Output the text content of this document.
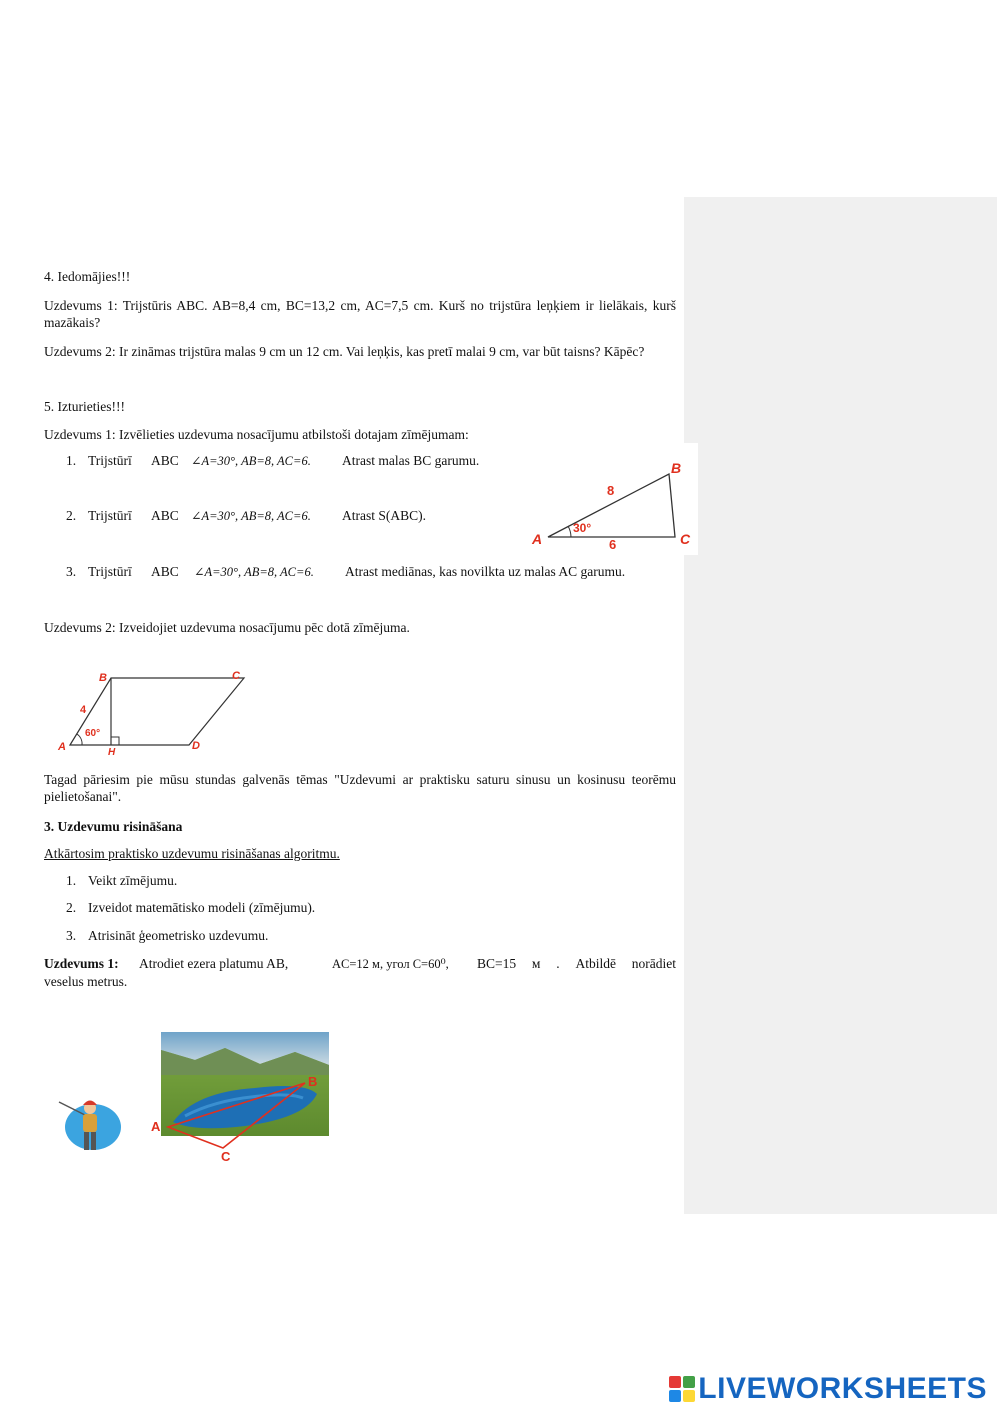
4. Iedomājies!!!
Uzdevums 1: Trijstūris ABC. AB=8,4 cm, BC=13,2 cm, AC=7,5 cm. Kurš no trijstūra leņķiem ir lielākais, kurš mazākais?
Uzdevums 2: Ir zināmas trijstūra malas 9 cm un 12 cm. Vai leņķis, kas pretī malai 9 cm, var būt taisns? Kāpēc?
5. Izturieties!!!
Uzdevums 1: Izvēlieties uzdevuma nosacījumu atbilstoši dotajam zīmējumam:
1. Trijstūrī ABC ∠A=30°, AB=8, AC=6. Atrast malas BC garumu.
2. Trijstūrī ABC ∠A=30°, AB=8, AC=6. Atrast S(ABC).
3. Trijstūrī ABC ∠A=30°, AB=8, AC=6. Atrast mediānas, kas novilkta uz malas AC garumu.
A
B
C
8
6
30°
Uzdevums 2: Izveidojiet uzdevuma nosacījumu pēc dotā zīmējuma.
A
B	C
D
H
4
60°
Tagad pāriesim pie mūsu stundas galvenās tēmas "Uzdevumi ar praktisku saturu sinusu un kosinusu teorēmu pielietošanai".
3. Uzdevumu risināšana
Atkārtosim praktisko uzdevumu risināšanas algoritmu.
1. Veikt zīmējumu.
2. Izveidot matemātisko modeli (zīmējumu).
3. Atrisināt ģeometrisko uzdevumu.
Uzdevums 1: Atrodiet ezera platumu AB,	AC=12 м, угол C=60⁰, BC=15 м . Atbildē norādiet
veselus metrus.
A
B
C
LIVEWORKSHEETS
